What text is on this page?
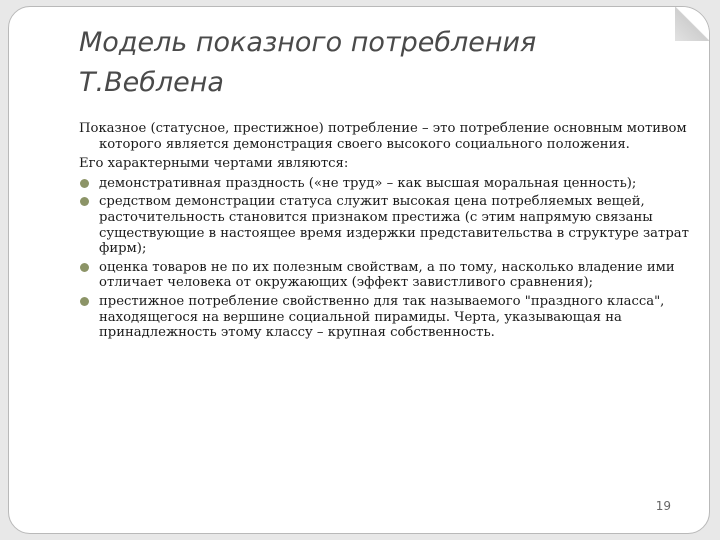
Модель показного потребления Т.Веблена

Показное (статусное, престижное) потребление – это потребление основным мотивом которого является демонстрация своего высокого социального положения.

Его характерными чертами являются:

демонстративная праздность («не труд» – как высшая моральная ценность);
средством демонстрации статуса служит высокая цена потребляемых вещей, расточительность становится признаком престижа (с этим напрямую связаны существующие в настоящее время издержки представительства в структуре затрат фирм);
оценка товаров не по их полезным свойствам, а по тому, насколько владение ими отличает человека от окружающих (эффект завистливого сравнения);
престижное потребление свойственно для так называемого "праздного класса", находящегося на вершине социальной пирамиды. Черта, указывающая на принадлежность этому классу – крупная собственность.
19
